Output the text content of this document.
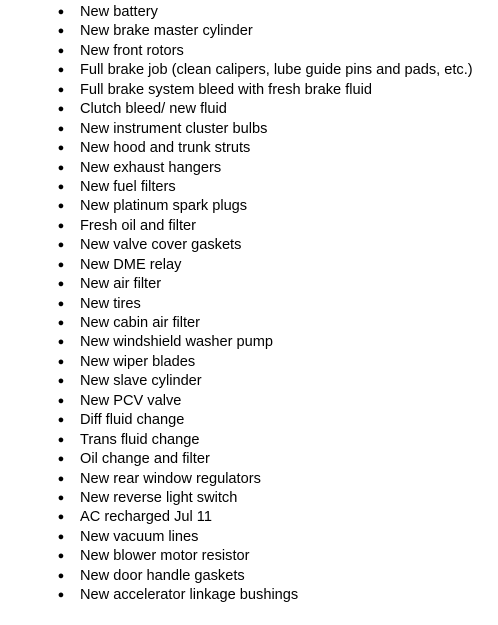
● New battery
● New brake master cylinder
● New front rotors
● Full brake job (clean calipers, lube guide pins and pads, etc.)
● Full brake system bleed with fresh brake fluid
● Clutch bleed/ new fluid
● New instrument cluster bulbs
● New hood and trunk struts
● New exhaust hangers
● New fuel filters
● New platinum spark plugs
● Fresh oil and filter
● New valve cover gaskets
● New DME relay
● New air filter
● New tires
● New cabin air filter
● New windshield washer pump
● New wiper blades
● New slave cylinder
● New PCV valve
● Diff fluid change
● Trans fluid change
● Oil change and filter
● New rear window regulators
● New reverse light switch
● AC recharged Jul 11
● New vacuum lines
● New blower motor resistor
● New door handle gaskets
● New accelerator linkage bushings
